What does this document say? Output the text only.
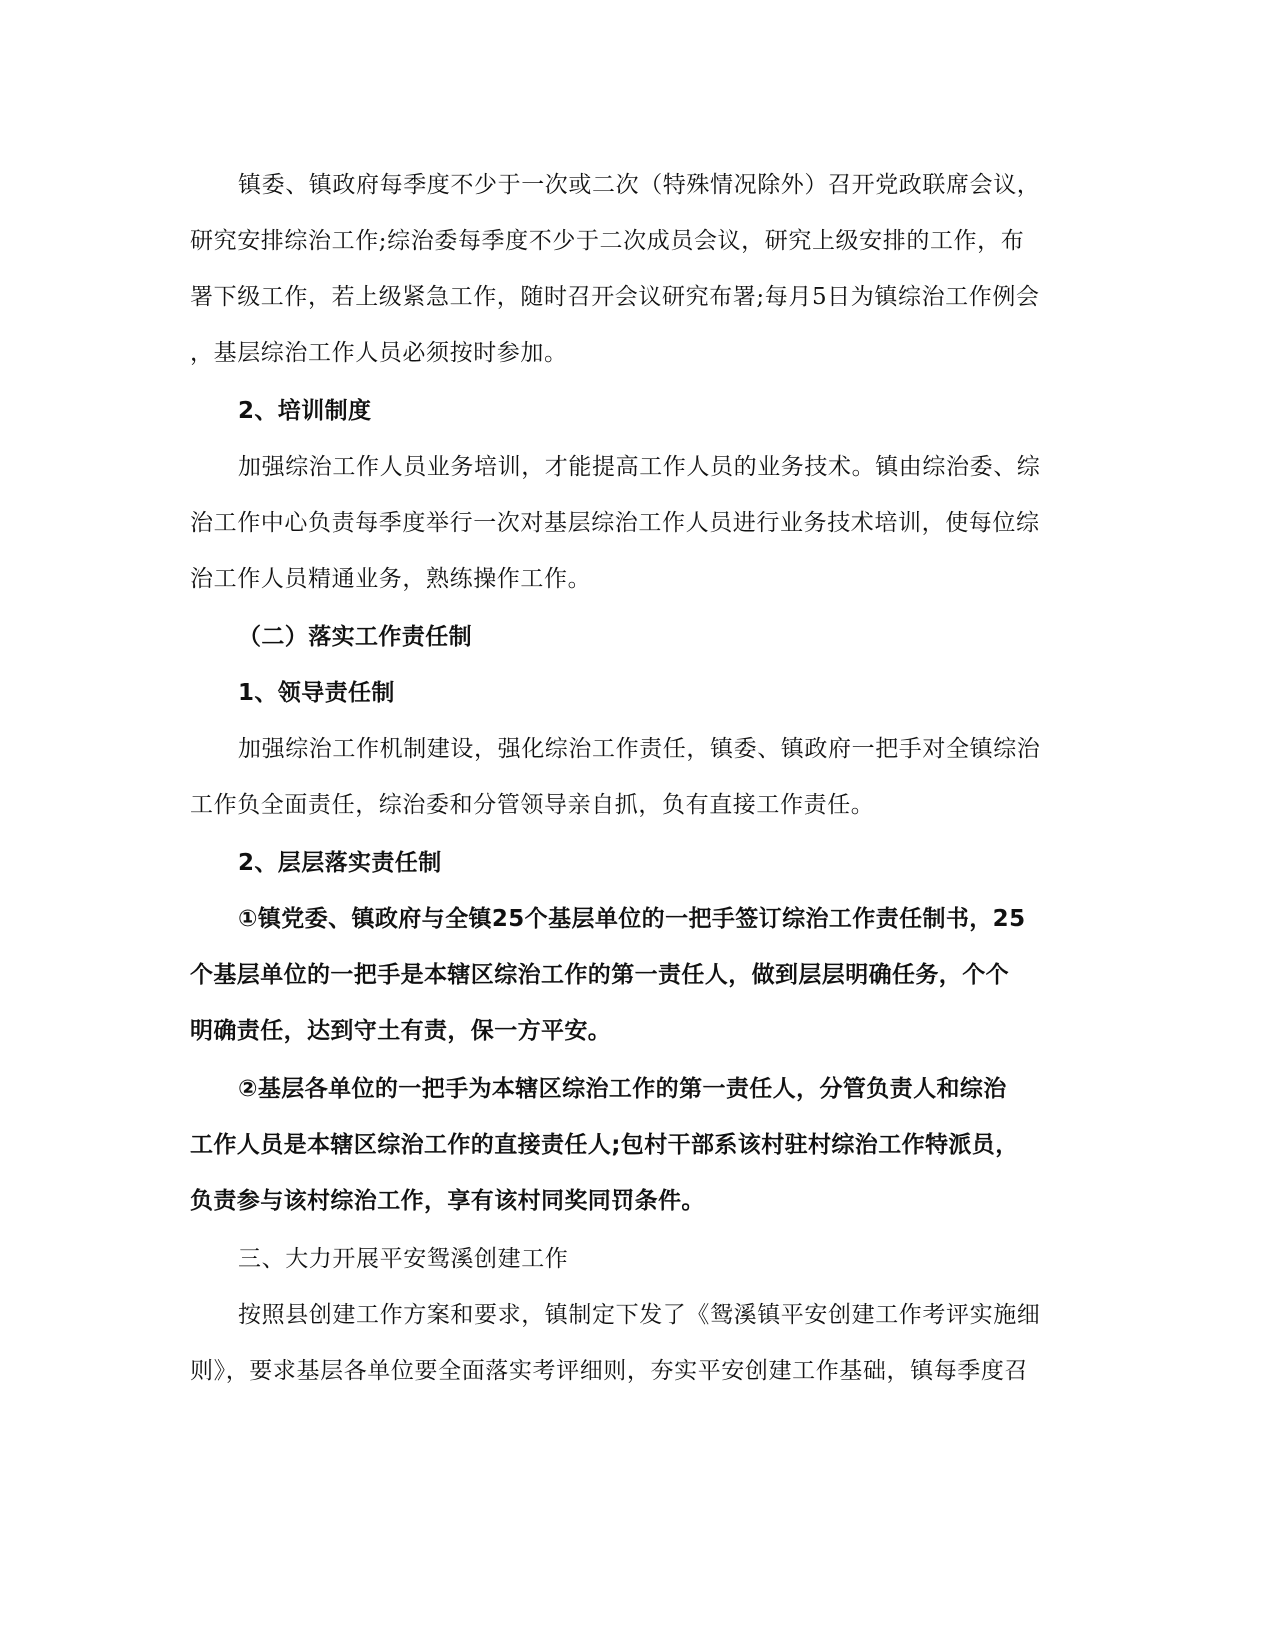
镇委、镇政府每季度不少于一次或二次（特殊情况除外）召开党政联席会议，
研究安排综治工作;综治委每季度不少于二次成员会议，研究上级安排的工作，布
署下级工作，若上级紧急工作，随时召开会议研究布署;每月5日为镇综治工作例会
，基层综治工作人员必须按时参加。
2、培训制度
加强综治工作人员业务培训，才能提高工作人员的业务技术。镇由综治委、综
治工作中心负责每季度举行一次对基层综治工作人员进行业务技术培训，使每位综
治工作人员精通业务，熟练操作工作。
（二）落实工作责任制
1、领导责任制
加强综治工作机制建设，强化综治工作责任，镇委、镇政府一把手对全镇综治
工作负全面责任，综治委和分管领导亲自抓，负有直接工作责任。
2、层层落实责任制
①镇党委、镇政府与全镇25个基层单位的一把手签订综治工作责任制书，25
个基层单位的一把手是本辖区综治工作的第一责任人，做到层层明确任务，个个
明确责任，达到守土有责，保一方平安。
②基层各单位的一把手为本辖区综治工作的第一责任人，分管负责人和综治
工作人员是本辖区综治工作的直接责任人;包村干部系该村驻村综治工作特派员，
负责参与该村综治工作，享有该村同奖同罚条件。
三、大力开展平安鸳溪创建工作
按照县创建工作方案和要求，镇制定下发了《鸳溪镇平安创建工作考评实施细
则》，要求基层各单位要全面落实考评细则，夯实平安创建工作基础，镇每季度召
